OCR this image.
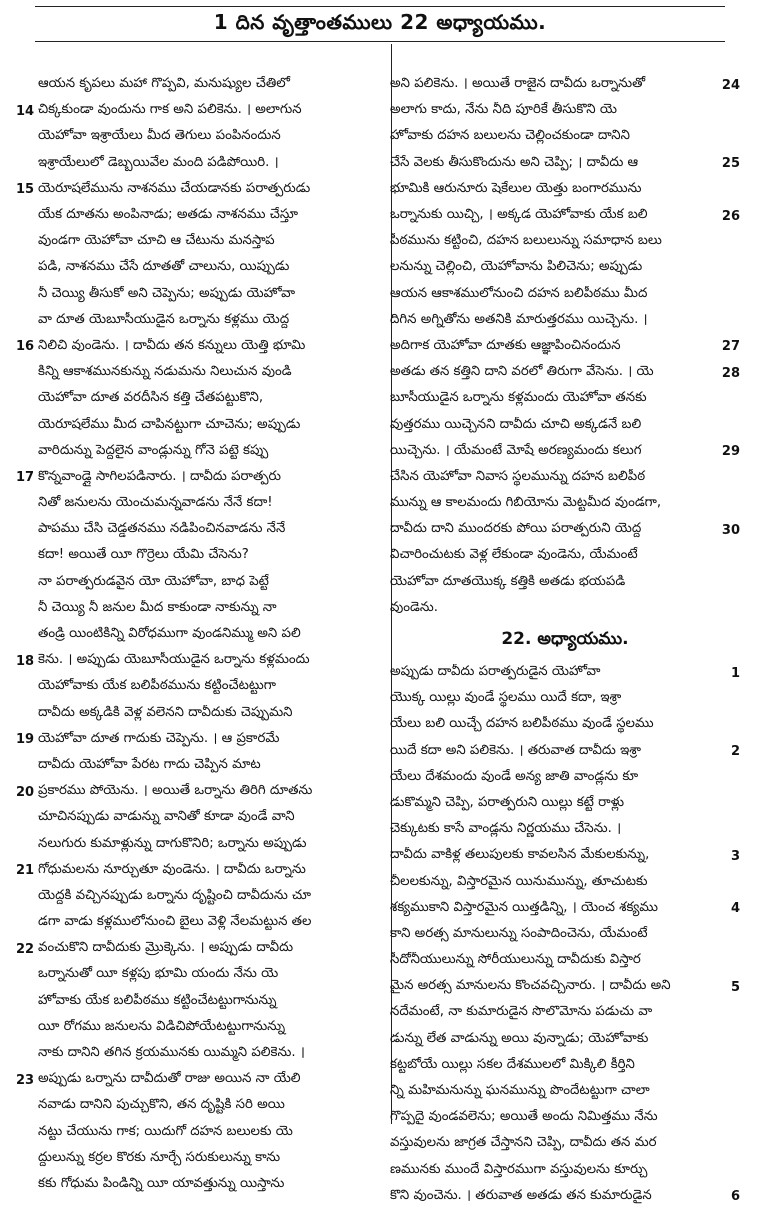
1 దిన వృత్తాంతములు 22 అధ్యాయము.
ఆయన కృపలు మహా గొప్పవి, మనుష్యుల చేతిలో
14 చిక్కకుండా వుందును గాక అని పలికెను. । అలాగున
యెహోవా ఇశ్రాయేలు మీద తెగులు పంపినందున
ఇశ్రాయేలులో డెబ్బయివేల మంది పడిపోయిరి. ।
15 యెరూషలేమును నాశనము చేయడానకు పరాత్పరుడు
యేక దూతను అంపినాడు; అతడు నాశనము చేస్తూ
వుండగా యెహోవా చూచి ఆ చేటును మనస్తాప
పడి, నాశనము చేసే దూతతో చాలును, యిప్పుడు
నీ చెయ్యి తీసుకో అని చెప్పెను; అప్పుడు యెహోవా
వా దూత యెబూసీయుడైన ఒర్నాను కళ్లము యెద్ద
16 నిలిచి వుండెను. । దావీదు తన కన్నులు యెత్తి భూమి
కిన్ని ఆకాశమునకున్ను నడుమను నిలుచున వుండి
యెహోవా దూత వరదీసిన కత్తి చేతపట్టుకొని,
యెరూషలేము మీద చాపినట్టుగా చూచెను; అప్పుడు
వారిదున్ను పెద్దలైన వాండ్లున్ను గోనె పట్టె కప్పు
17 కొన్నవాండ్లై సాగిలపడినారు. । దావీదు పరాత్పరు
నితో జనులను యెంచుమన్నవాడను నేనే కదా!
పాపము చేసి చెడ్డతనము నడిపించినవాడను నేనే
కదా! అయితే యీ గొర్రెలు యేమి చేసెను?
నా పరాత్పరుడవైన యో యెహోవా, బాధ పెట్టే
నీ చెయ్యి నీ జనుల మీద కాకుండా నాకున్ను నా
తండ్రి యింటికిన్ని విరోధముగా వుండనిమ్ము అని పలి
18 కెను. । అప్పుడు యెబూసీయుడైన ఒర్నాను కళ్లమందు
యెహోవాకు యేక బలిపీఠమును కట్టించేటట్టుగా
దావీదు అక్కడికి వెళ్ల వలెనని దావీదుకు చెప్పుమని
19 యెహోవా దూత గాదుకు చెప్పెను. । ఆ ప్రకారమే
దావీదు యెహోవా పేరట గాదు చెప్పిన మాట
20 ప్రకారము పోయెను. । అయితే ఒర్నాను తిరిగి దూతను
చూచినప్పుడు వాడున్ను వానితో కూడా వుండే వాని
నలుగురు కుమాళ్లున్ను దాగుకొనిరి; ఒర్నాను అప్పుడు
21 గోధుమలను నూర్చుతూ వుండెను. । దావీదు ఒర్నాను
యెద్దకి వచ్చినప్పుడు ఒర్నాను దృష్టించి దావీదును చూ
డగా వాడు కళ్లములోనుంచి బైలు వెళ్లి నేలమట్టున తల
22 వంచుకొని దావీదుకు మ్రొక్కెను. । అప్పుడు దావీదు
ఒర్నానుతో యీ కళ్లపు భూమి యందు నేను యె
హోవాకు యేక బలిపీఠము కట్టించేటట్టుగానున్ను
యీ రోగము జనులను విడిచిపోయేటట్టుగానున్ను
నాకు దానిని తగిన క్రయమునకు యిమ్మని పలికెను. ।
23 అప్పుడు ఒర్నాను దావీదుతో రాజు అయిన నా యేలి
నవాడు దానిని పుచ్చుకొని, తన దృష్టికి సరి అయి
నట్టు చేయును గాక; యిదుగో దహన బలులకు యె
ద్దులున్ను కర్రల కొరకు నూర్చే సరుకులున్ను కాను
కకు గోధుమ పిండిన్ని యీ యావత్తున్ను యిస్తాను
అని పలికెను. । అయితే రాజైన దావీదు ఒర్నానుతో	24
అలాగు కాదు, నేను నీది పూరికే తీసుకొని యె
హోవాకు దహన బలులను చెల్లించకుండా దానిని
చేసే వెలకు తీసుకొందును అని చెప్పి; । దావీదు ఆ	25
భూమికి ఆరునూరు షెకేలుల యెత్తు బంగారమును
ఒర్నానుకు యిచ్చి, । అక్కడ యెహోవాకు యేక బలి	26
పీఠమును కట్టించి, దహన బలులున్ను సమాధాన బలు
లనున్ను చెల్లించి, యెహోవాను పిలిచెను; అప్పుడు
ఆయన ఆకాశములోనుంచి దహన బలిపీఠము మీద
దిగిన అగ్నితోను అతనికి మారుత్తరము యిచ్చెను. ।
అదిగాక యెహోవా దూతకు ఆజ్ఞాపించినందున	27
అతడు తన కత్తిని దాని వరలో తిరుగా వేసెను. । యె	28
బూసీయుడైన ఒర్నాను కళ్లమందు యెహోవా తనకు
వుత్తరము యిచ్చెనని దావీదు చూచి అక్కడనే బలి
యిచ్చెను. । యేమంటే మోషే అరణ్యమందు కలుగ	29
చేసిన యెహోవా నివాస స్థలమున్ను దహన బలిపీఠ
మున్ను ఆ కాలమందు గిబియోను మెట్టమీద వుండగా,
దావీదు దాని ముందరకు పోయి పరాత్పరుని యెద్ద	30
విచారించుటకు వెళ్ల లేకుండా వుండెను, యేమంటే
యెహోవా దూతయొక్క కత్తికి అతడు భయపడి
వుండెను.
22. అధ్యాయము.
అప్పుడు దావీదు పరాత్పరుడైన యెహోవా	1
యొక్క యిల్లు వుండే స్థలము యిదే కదా, ఇశ్రా
యేలు బలి యిచ్చే దహన బలిపీఠము వుండే స్థలము
యిదే కదా అని పలికెను. । తరువాత దావీదు ఇశ్రా	2
యేలు దేశమందు వుండే అన్య జాతి వాండ్లను కూ
డుకొమ్మని చెప్పి, పరాత్పరుని యిల్లు కట్టే రాళ్లు
చెక్కుటకు కాసే వాండ్లను నిర్ణయము చేసెను. ।
దావీదు వాకిళ్ల తలుపులకు కావలసిన మేకులకున్ను,	3
చీలలకున్ను, విస్తారమైన యినుమున్ను, తూచుటకు
శక్యముకాని విస్తారమైన యిత్తడిన్ని, । యెంచ శక్యము	4
కాని అరత్స మానులున్ను సంపాదించెను, యేమంటే
సీదోనీయులున్ను సోరీయులున్ను దావీదుకు విస్తార
మైన అరత్స మానులను కొంచవచ్చినారు. । దావీదు అని	5
నదేమంటే, నా కుమారుడైన సొలొమోను పడుచు వా
డున్ను లేత వాడున్ను అయి వున్నాడు; యెహోవాకు
కట్టబోయే యిల్లు సకల దేశములలో మిక్కిలి కీర్తిని
న్ని మహిమనున్ను ఘనమున్ను పొందేటట్టుగా చాలా
గొప్పదై వుండవలెను; అయితే అందు నిమిత్తము నేను
వస్తువులను జాగ్రత చేస్తానని చెప్పి, దావీదు తన మర
ణమునకు ముందే విస్తారముగా వస్తువులను కూర్చు
కొని వుంచెను. । తరువాత అతడు తన కుమారుడైన	6
